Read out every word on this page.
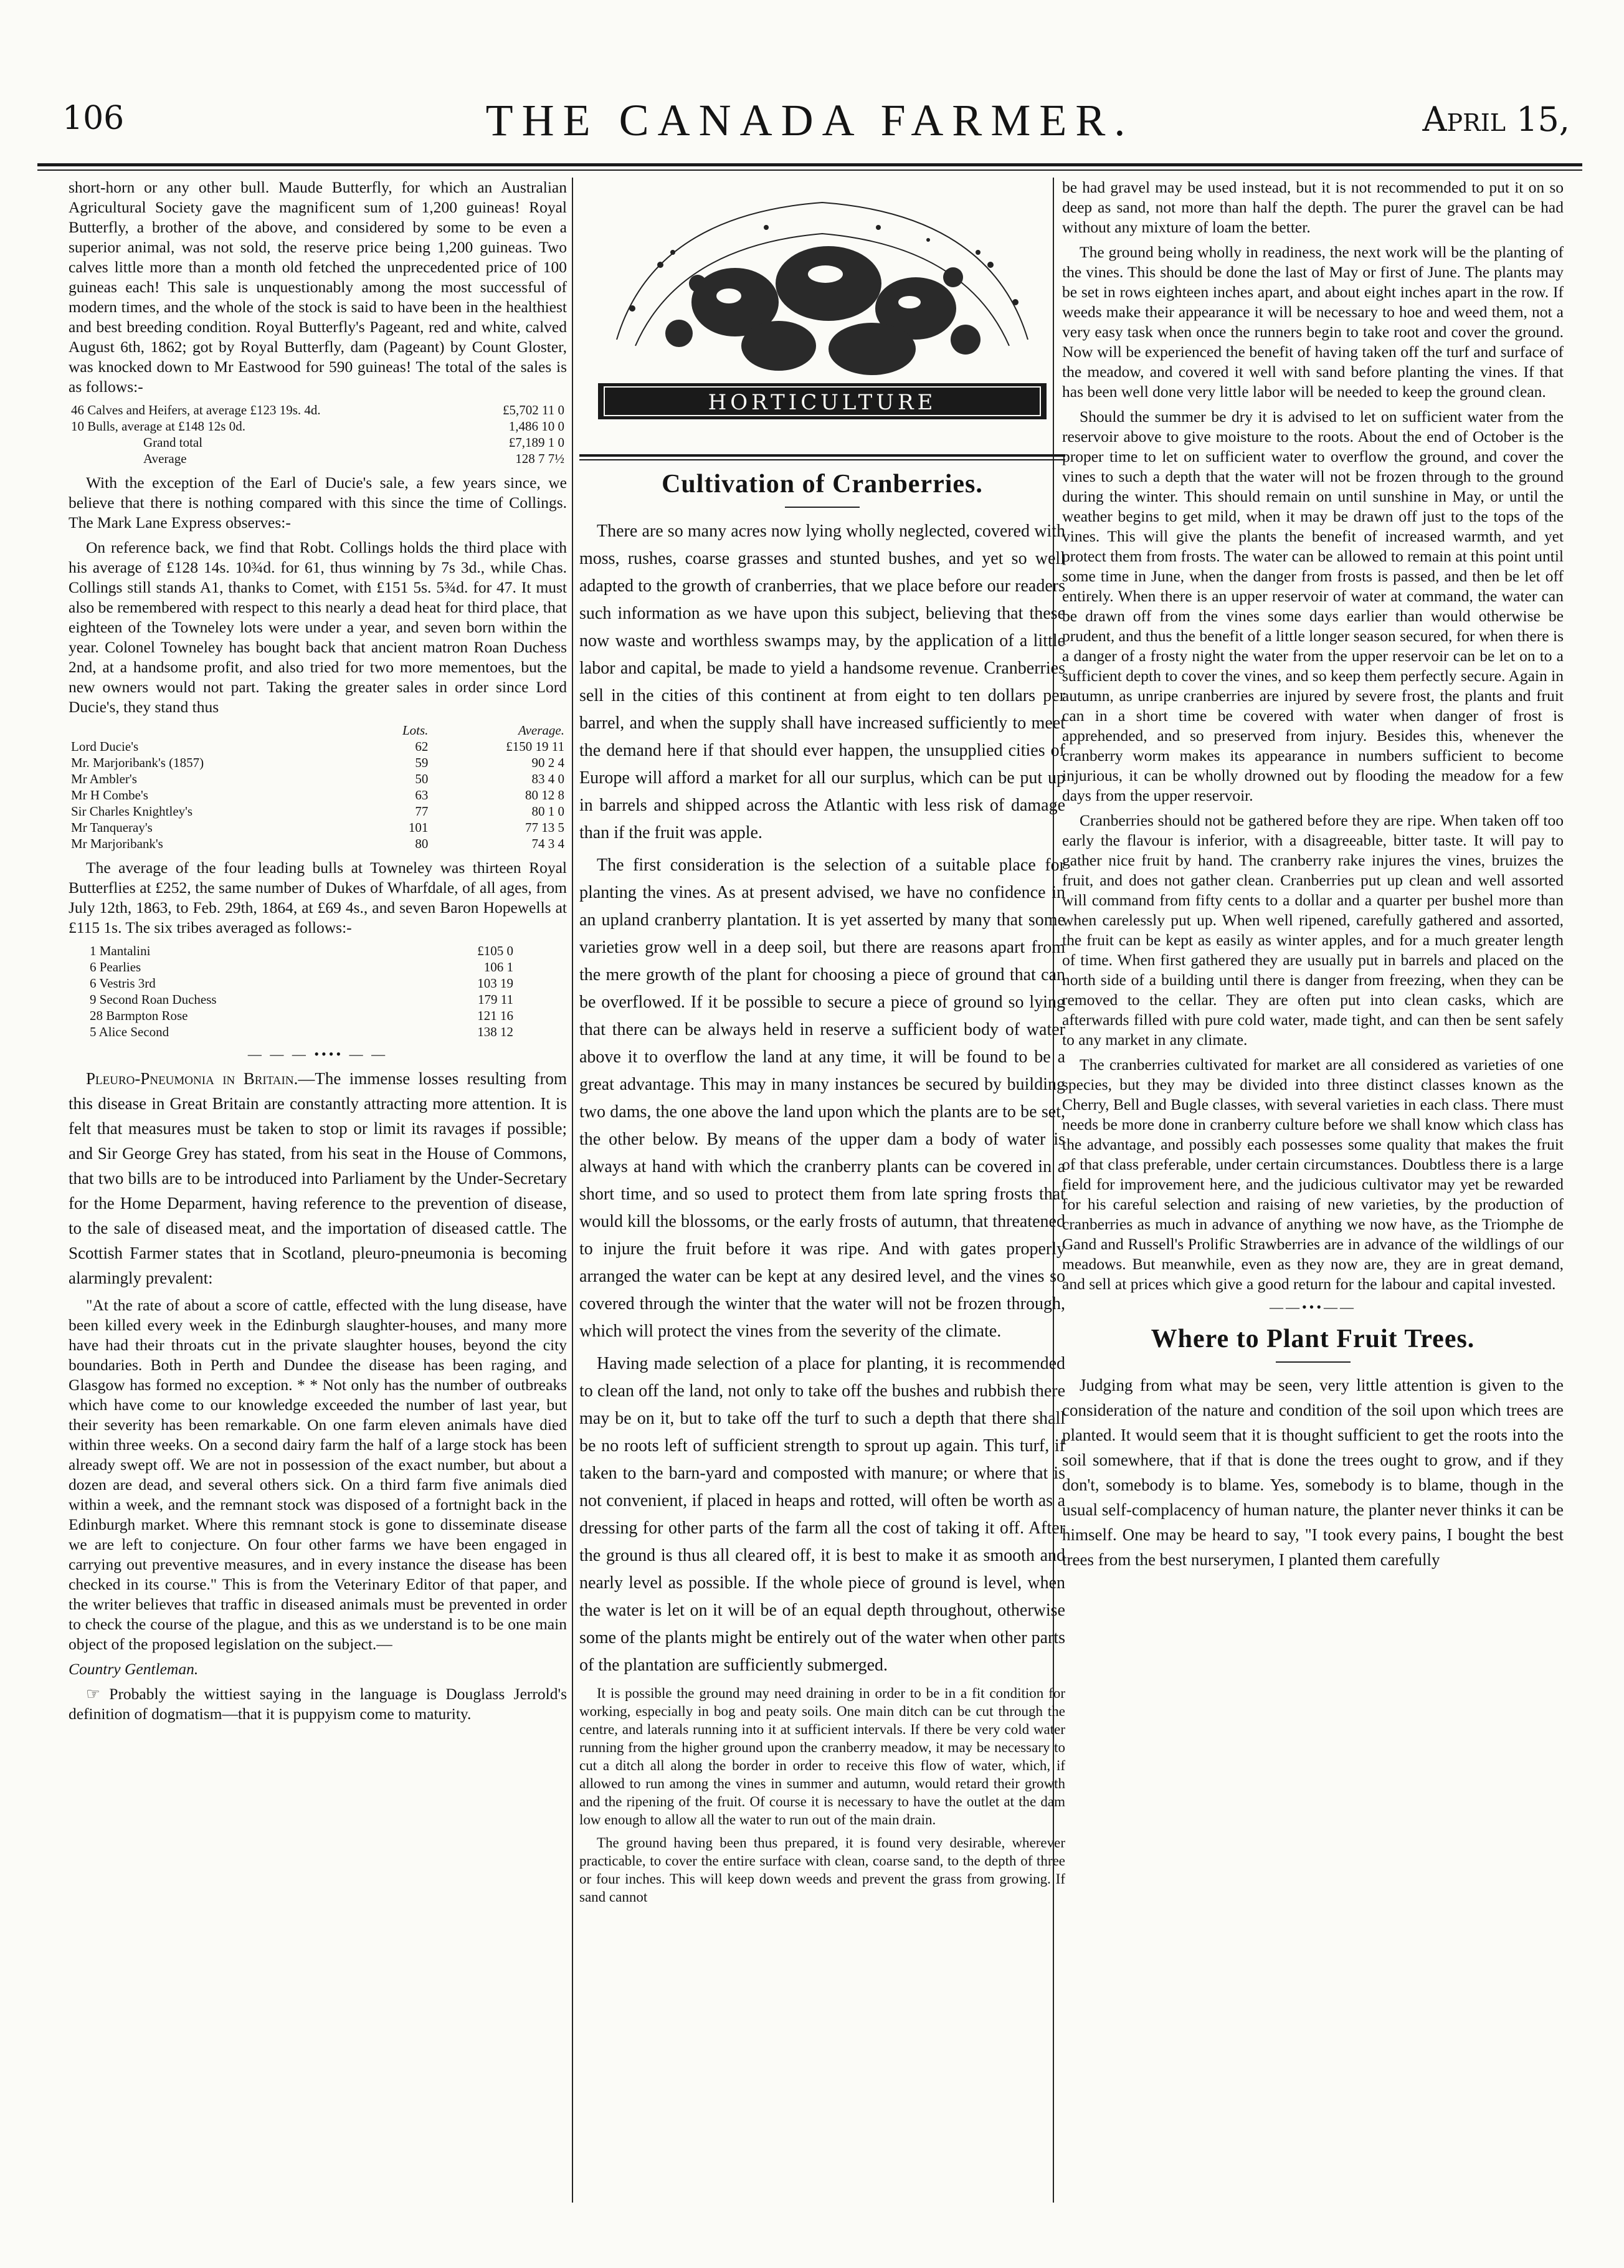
106	THE CANADA FARMER.	April 15,

short-horn or any other bull. Maude Butterfly, for which an Australian Agricultural Society gave the magnificent sum of 1,200 guineas! Royal Butterfly, a brother of the above, and considered by some to be even a superior animal, was not sold, the reserve price being 1,200 guineas. Two calves little more than a month old fetched the unprecedented price of 100 guineas each! This sale is unquestionably among the most successful of modern times, and the whole of the stock is said to have been in the healthiest and best breeding condition. Royal Butterfly's Pageant, red and white, calved August 6th, 1862; got by Royal Butterfly, dam (Pageant) by Count Gloster, was knocked down to Mr Eastwood for 590 guineas! The total of the sales is as follows:-

46 Calves and Heifers, at average £123 19s. 4d.	£5,702 11 0
10 Bulls, average at £148 12s 0d.	1,486 10 0
Grand total	£7,189 1 0
Average	128 7 7½

With the exception of the Earl of Ducie's sale, a few years since, we believe that there is nothing compared with this since the time of Collings. The Mark Lane Express observes:-

On reference back, we find that Robt. Collings holds the third place with his average of £128 14s. 10¾d. for 61, thus winning by 7s 3d., while Chas. Collings still stands A1, thanks to Comet, with £151 5s. 5¾d. for 47. It must also be remembered with respect to this nearly a dead heat for third place, that eighteen of the Towneley lots were under a year, and seven born within the year. Colonel Towneley has bought back that ancient matron Roan Duchess 2nd, at a handsome profit, and also tried for two more mementoes, but the new owners would not part. Taking the greater sales in order since Lord Ducie's, they stand thus

	Lots.	Average.
Lord Ducie's	62	£150 19 11
Mr. Marjoribank's (1857)	59	90 2 4
Mr Ambler's	50	83 4 0
Mr H Combe's	63	80 12 8
Sir Charles Knightley's	77	80 1 0
Mr Tanqueray's	101	77 13 5
Mr Marjoribank's	80	74 3 4

The average of the four leading bulls at Towneley was thirteen Royal Butterflies at £252, the same number of Dukes of Wharfdale, of all ages, from July 12th, 1863, to Feb. 29th, 1864, at £69 4s., and seven Baron Hopewells at £115 1s. The six tribes averaged as follows:-

1 Mantalini	£105 0
6 Pearlies	106 1
6 Vestris 3rd	103 19
9 Second Roan Duchess	179 11
28 Barmpton Rose	121 16
5 Alice Second	138 12
— — — •••• — —

Pleuro-Pneumonia in Britain.—The immense losses resulting from this disease in Great Britain are constantly attracting more attention. It is felt that measures must be taken to stop or limit its ravages if possible; and Sir George Grey has stated, from his seat in the House of Commons, that two bills are to be introduced into Parliament by the Under-Secretary for the Home Deparment, having reference to the prevention of disease, to the sale of diseased meat, and the importation of diseased cattle. The Scottish Farmer states that in Scotland, pleuro-pneumonia is becoming alarmingly prevalent:

"At the rate of about a score of cattle, effected with the lung disease, have been killed every week in the Edinburgh slaughter-houses, and many more have had their throats cut in the private slaughter houses, beyond the city boundaries. Both in Perth and Dundee the disease has been raging, and Glasgow has formed no exception. * * Not only has the number of outbreaks which have come to our knowledge exceeded the number of last year, but their severity has been remarkable. On one farm eleven animals have died within three weeks. On a second dairy farm the half of a large stock has been already swept off. We are not in possession of the exact number, but about a dozen are dead, and several others sick. On a third farm five animals died within a week, and the remnant stock was disposed of a fortnight back in the Edinburgh market. Where this remnant stock is gone to disseminate disease we are left to conjecture. On four other farms we have been engaged in carrying out preventive measures, and in every instance the disease has been checked in its course." This is from the Veterinary Editor of that paper, and the writer believes that traffic in diseased animals must be prevented in order to check the course of the plague, and this as we understand is to be one main object of the proposed legislation on the subject.—

Country Gentleman.

☞ Probably the wittiest saying in the language is Douglass Jerrold's definition of dogmatism—that it is puppyism come to maturity.

HORTICULTURE
Cultivation of Cranberries.

There are so many acres now lying wholly neglected, covered with moss, rushes, coarse grasses and stunted bushes, and yet so well adapted to the growth of cranberries, that we place before our readers such information as we have upon this subject, believing that these now waste and worthless swamps may, by the application of a little labor and capital, be made to yield a handsome revenue. Cranberries sell in the cities of this continent at from eight to ten dollars per barrel, and when the supply shall have increased sufficiently to meet the demand here if that should ever happen, the unsupplied cities of Europe will afford a market for all our surplus, which can be put up in barrels and shipped across the Atlantic with less risk of damage than if the fruit was apple.

The first consideration is the selection of a suitable place for planting the vines. As at present advised, we have no confidence in an upland cranberry plantation. It is yet asserted by many that some varieties grow well in a deep soil, but there are reasons apart from the mere growth of the plant for choosing a piece of ground that can be overflowed. If it be possible to secure a piece of ground so lying that there can be always held in reserve a sufficient body of water above it to overflow the land at any time, it will be found to be a great advantage. This may in many instances be secured by building two dams, the one above the land upon which the plants are to be set, the other below. By means of the upper dam a body of water is always at hand with which the cranberry plants can be covered in a short time, and so used to protect them from late spring frosts that would kill the blossoms, or the early frosts of autumn, that threatened to injure the fruit before it was ripe. And with gates properly arranged the water can be kept at any desired level, and the vines so covered through the winter that the water will not be frozen through, which will protect the vines from the severity of the climate.

Having made selection of a place for planting, it is recommended to clean off the land, not only to take off the bushes and rubbish there may be on it, but to take off the turf to such a depth that there shall be no roots left of sufficient strength to sprout up again. This turf, if taken to the barn-yard and composted with manure; or where that is not convenient, if placed in heaps and rotted, will often be worth as a dressing for other parts of the farm all the cost of taking it off. After the ground is thus all cleared off, it is best to make it as smooth and nearly level as possible. If the whole piece of ground is level, when the water is let on it will be of an equal depth throughout, otherwise some of the plants might be entirely out of the water when other parts of the plantation are sufficiently submerged.

It is possible the ground may need draining in order to be in a fit condition for working, especially in bog and peaty soils. One main ditch can be cut through the centre, and laterals running into it at sufficient intervals. If there be very cold water running from the higher ground upon the cranberry meadow, it may be necessary to cut a ditch all along the border in order to receive this flow of water, which, if allowed to run among the vines in summer and autumn, would retard their growth and the ripening of the fruit. Of course it is necessary to have the outlet at the dam low enough to allow all the water to run out of the main drain.

The ground having been thus prepared, it is found very desirable, wherever practicable, to cover the entire surface with clean, coarse sand, to the depth of three or four inches. This will keep down weeds and prevent the grass from growing. If sand cannot

be had gravel may be used instead, but it is not recommended to put it on so deep as sand, not more than half the depth. The purer the gravel can be had without any mixture of loam the better.

The ground being wholly in readiness, the next work will be the planting of the vines. This should be done the last of May or first of June. The plants may be set in rows eighteen inches apart, and about eight inches apart in the row. If weeds make their appearance it will be necessary to hoe and weed them, not a very easy task when once the runners begin to take root and cover the ground. Now will be experienced the benefit of having taken off the turf and surface of the meadow, and covered it well with sand before planting the vines. If that has been well done very little labor will be needed to keep the ground clean.

Should the summer be dry it is advised to let on sufficient water from the reservoir above to give moisture to the roots. About the end of October is the proper time to let on sufficient water to overflow the ground, and cover the vines to such a depth that the water will not be frozen through to the ground during the winter. This should remain on until sunshine in May, or until the weather begins to get mild, when it may be drawn off just to the tops of the vines. This will give the plants the benefit of increased warmth, and yet protect them from frosts. The water can be allowed to remain at this point until some time in June, when the danger from frosts is passed, and then be let off entirely. When there is an upper reservoir of water at command, the water can be drawn off from the vines some days earlier than would otherwise be prudent, and thus the benefit of a little longer season secured, for when there is a danger of a frosty night the water from the upper reservoir can be let on to a sufficient depth to cover the vines, and so keep them perfectly secure. Again in autumn, as unripe cranberries are injured by severe frost, the plants and fruit can in a short time be covered with water when danger of frost is apprehended, and so preserved from injury. Besides this, whenever the cranberry worm makes its appearance in numbers sufficient to become injurious, it can be wholly drowned out by flooding the meadow for a few days from the upper reservoir.

Cranberries should not be gathered before they are ripe. When taken off too early the flavour is inferior, with a disagreeable, bitter taste. It will pay to gather nice fruit by hand. The cranberry rake injures the vines, bruizes the fruit, and does not gather clean. Cranberries put up clean and well assorted will command from fifty cents to a dollar and a quarter per bushel more than when carelessly put up. When well ripened, carefully gathered and assorted, the fruit can be kept as easily as winter apples, and for a much greater length of time. When first gathered they are usually put in barrels and placed on the north side of a building until there is danger from freezing, when they can be removed to the cellar. They are often put into clean casks, which are afterwards filled with pure cold water, made tight, and can then be sent safely to any market in any climate.

The cranberries cultivated for market are all considered as varieties of one species, but they may be divided into three distinct classes known as the Cherry, Bell and Bugle classes, with several varieties in each class. There must needs be more done in cranberry culture before we shall know which class has the advantage, and possibly each possesses some quality that makes the fruit of that class preferable, under certain circumstances. Doubtless there is a large field for improvement here, and the judicious cultivator may yet be rewarded for his careful selection and raising of new varieties, by the production of cranberries as much in advance of anything we now have, as the Triomphe de Gand and Russell's Prolific Strawberries are in advance of the wildlings of our meadows. But meanwhile, even as they now are, they are in great demand, and sell at prices which give a good return for the labour and capital invested.

——•••——
Where to Plant Fruit Trees.

Judging from what may be seen, very little attention is given to the consideration of the nature and condition of the soil upon which trees are planted. It would seem that it is thought sufficient to get the roots into the soil somewhere, that if that is done the trees ought to grow, and if they don't, somebody is to blame. Yes, somebody is to blame, though in the usual self-complacency of human nature, the planter never thinks it can be himself. One may be heard to say, "I took every pains, I bought the best trees from the best nurserymen, I planted them carefully
